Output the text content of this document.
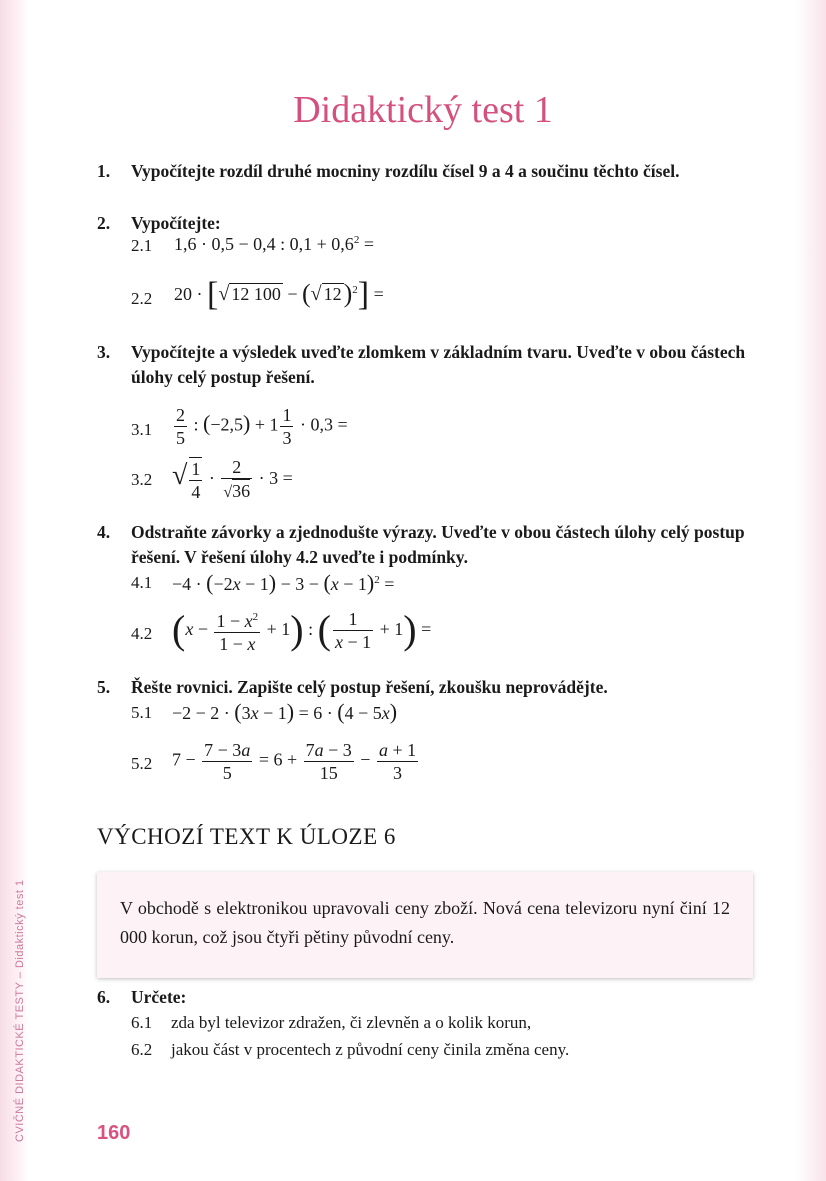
CVIČNÉ DIDAKTICKÉ TESTY – Didaktický test 1	160
Didaktický test 1
1. Vypočítejte rozdíl druhé mocniny rozdílu čísel 9 a 4 a součinu těchto čísel.
2. Vypočítejte:
2.1 1,6 · 0,5 − 0,4 : $0,1 + 0,6^2$ =
2.2 20 · [√ 12 100 − (√ 12)$^2$] =
3. Vypočítejte a výsledek uveďte zlomkem v základním tvaru. Uveďte v obou částech úlohy celý postup řešení.
$3.1 \frac{2}{5}$ : $(-2,5) + 1 \frac{1}{3} \cdot 0,3$ =
3.2 √ $\frac{1}{4} \cdot \frac{2}{√36} \cdot 3$ =
4. Odstraňte závorky a zjednodušte výrazy. Uveďte v obou částech úlohy celý postup řešení. V řešení úlohy 4.2 uveďte i podmínky.
$4.1 -4 \cdot (-2x - 1) - 3 - (x - 1)^2$ =
4.2 $(x - \frac{1 - x^2}{1 - x} + 1)$ : ( $\frac{1}{x - 1} + 1$) =
5. Řešte rovnici. Zapište celý postup řešení, zkoušku neprovádějte.
5.1 −2 − 2 · (3x − 1) = 6 · (4 − 5x)
5.2 $7 - \frac{7 - 3a}{5} = 6 + \frac{7a - 3}{15} - \frac{a + 1}{3}$
VÝCHOZÍ TEXT K ÚLOZE 6

V obchodě s elektronikou upravovali ceny zboží. Nová cena televizoru nyní činí 12 000 korun, což jsou čtyři pětiny původní ceny.

6. Určete:
6.1 zda byl televizor zdražen, či zlevněn a o kolik korun,
6.2 jakou část v procentech z původní ceny činila změna ceny.
